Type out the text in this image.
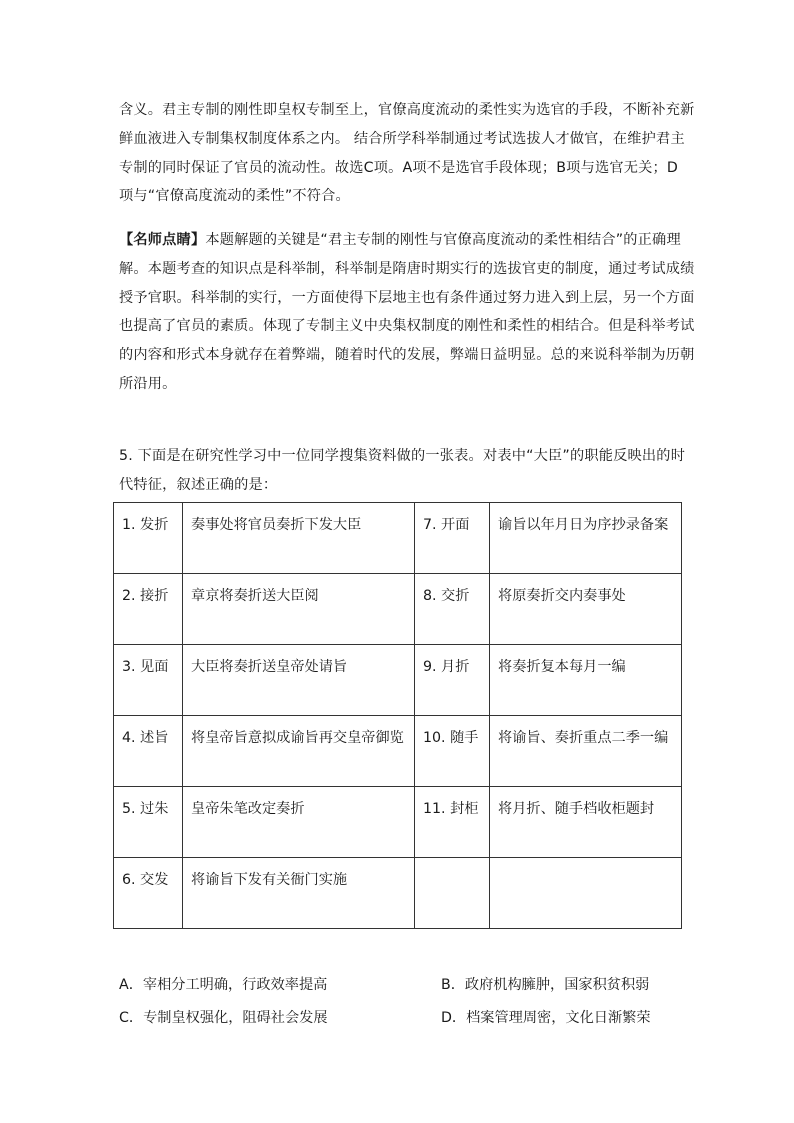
含义。君主专制的刚性即皇权专制至上，官僚高度流动的柔性实为选官的手段，不断补充新
鲜血液进入专制集权制度体系之内。 结合所学科举制通过考试选拔人才做官，在维护君主
专制的同时保证了官员的流动性。故选C项。A项不是选官手段体现；B项与选官无关；D
项与“官僚高度流动的柔性”不符合。
【名师点睛】本题解题的关键是“君主专制的刚性与官僚高度流动的柔性相结合”的正确理
解。本题考查的知识点是科举制，科举制是隋唐时期实行的选拔官吏的制度，通过考试成绩
授予官职。科举制的实行，一方面使得下层地主也有条件通过努力进入到上层，另一个方面
也提高了官员的素质。体现了专制主义中央集权制度的刚性和柔性的相结合。但是科举考试
的内容和形式本身就存在着弊端，随着时代的发展，弊端日益明显。总的来说科举制为历朝
所沿用。
5. 下面是在研究性学习中一位同学搜集资料做的一张表。对表中“大臣”的职能反映出的时
代特征，叙述正确的是：
1. 发折	奏事处将官员奏折下发大臣	7. 开面	谕旨以年月日为序抄录备案
2. 接折	章京将奏折送大臣阅	8. 交折	将原奏折交内奏事处
3. 见面	大臣将奏折送皇帝处请旨	9. 月折	将奏折复本每月一编
4. 述旨	将皇帝旨意拟成谕旨再交皇帝御览	10. 随手	将谕旨、奏折重点二季一编
5. 过朱	皇帝朱笔改定奏折	11. 封柜	将月折、随手档收柜题封
6. 交发	将谕旨下发有关衙门实施		
A．宰相分工明确，行政效率提高	B．政府机构臃肿，国家积贫积弱
C．专制皇权强化，阻碍社会发展	D．档案管理周密，文化日渐繁荣
